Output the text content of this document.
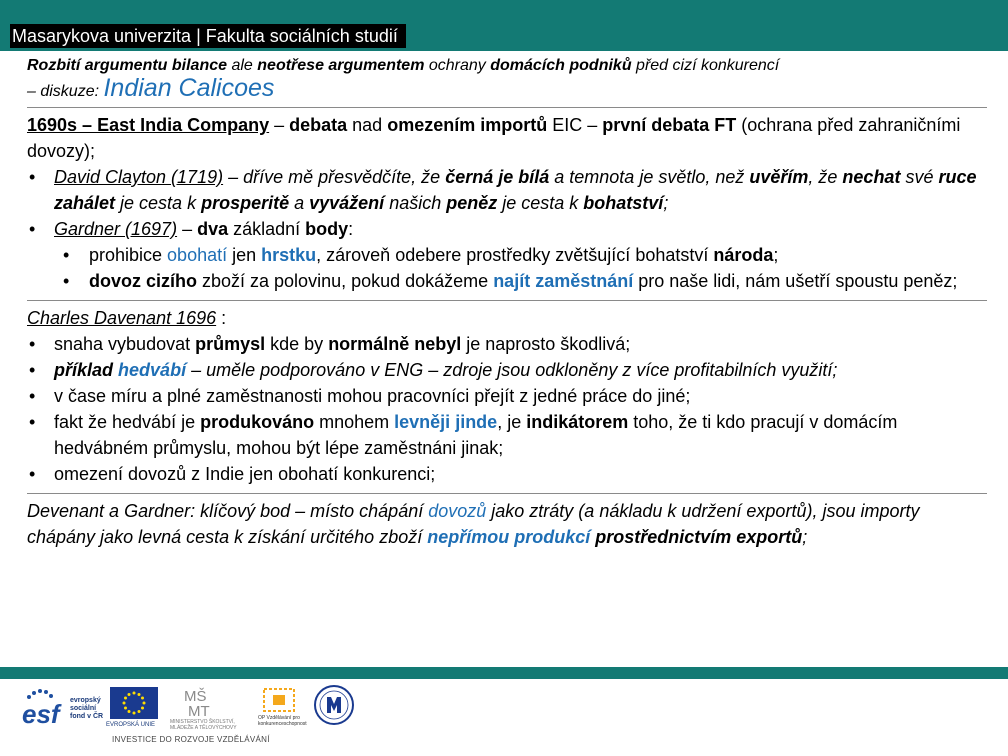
Masarykova univerzita | Fakulta sociálních studií
Rozbití argumentu bilance ale neotřese argumentem ochrany domácích podniků před cizí konkurencí
– diskuze: Indian Calicoes
1690s – East India Company – debata nad omezením importů EIC – první debata FT (ochrana před zahraničními dovozy);
• David Clayton (1719) – dříve mě přesvědčíte, že černá je bílá a temnota je světlo, než uvěřím, že nechat své ruce zahálet je cesta k prosperitě a vyvážení našich peněz je cesta k bohatství;
• Gardner (1697) – dva základní body:
• prohibice obohatí jen hrstku, zároveň odebere prostředky zvětšující bohatství národa;
• dovoz cizího zboží za polovinu, pokud dokážeme najít zaměstnání pro naše lidi, nám ušetří spoustu peněz;
Charles Davenant 1696 :
• snaha vybudovat průmysl kde by normálně nebyl je naprosto škodlivá;
• příklad hedvábí – uměle podporováno v ENG – zdroje jsou odkloněny z více profitabilních využití;
• v čase míru a plné zaměstnanosti mohou pracovníci přejít z jedné práce do jiné;
• fakt že hedvábí je produkováno mnohem levněji jinde, je indikátorem toho, že ti kdo pracují v domácím hedvábném průmyslu, mohou být lépe zaměstnáni jinak;
• omezení dovozů z Indie jen obohatí konkurenci;
Devenant a Gardner: klíčový bod – místo chápání dovozů jako ztráty (a nákladu k udržení exportů), jsou importy chápány jako levná cesta k získání určitého zboží nepřímou produkcí prostřednictvím exportů;
esf	evropský sociální fond v ČR
EVROPSKÁ UNIE
MŠ
MT
MINISTERSTVO ŠKOLSTVÍ, MLÁDEŽE A TĚLOVÝCHOVY
OP Vzdělávání pro konkurenceschopnost
INVESTICE DO ROZVOJE VZDĚLÁVÁNÍ
